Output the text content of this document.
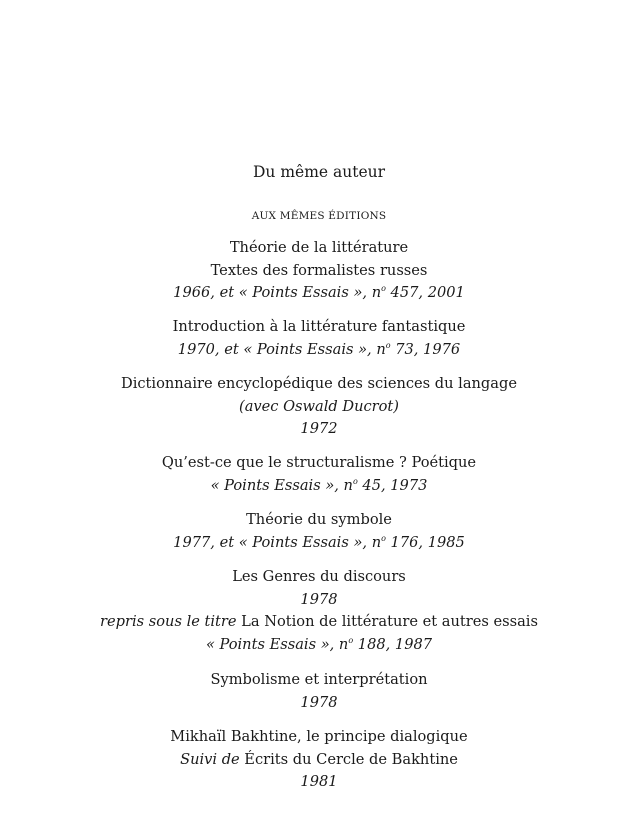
Du même auteur
AUX MÊMES ÉDITIONS
Théorie de la littérature
Textes des formalistes russes
1966, et « Points Essais », $n^o$ 457, 2001
Introduction à la littérature fantastique
1970, et « Points Essais », $n^o$ 73, 1976
Dictionnaire encyclopédique des sciences du langage
(avec Oswald Ducrot)
1972
Qu’est-ce que le structuralisme ? Poétique
« Points Essais », $n^o$ 45, 1973
Théorie du symbole
1977, et « Points Essais », $n^o$ 176, 1985
Les Genres du discours
1978
repris sous le titre La Notion de littérature et autres essais
« Points Essais », $n^o$ 188, 1987
Symbolisme et interprétation
1978
Mikhaïl Bakhtine, le principe dialogique
Suivi de Écrits du Cercle de Bakhtine
1981
